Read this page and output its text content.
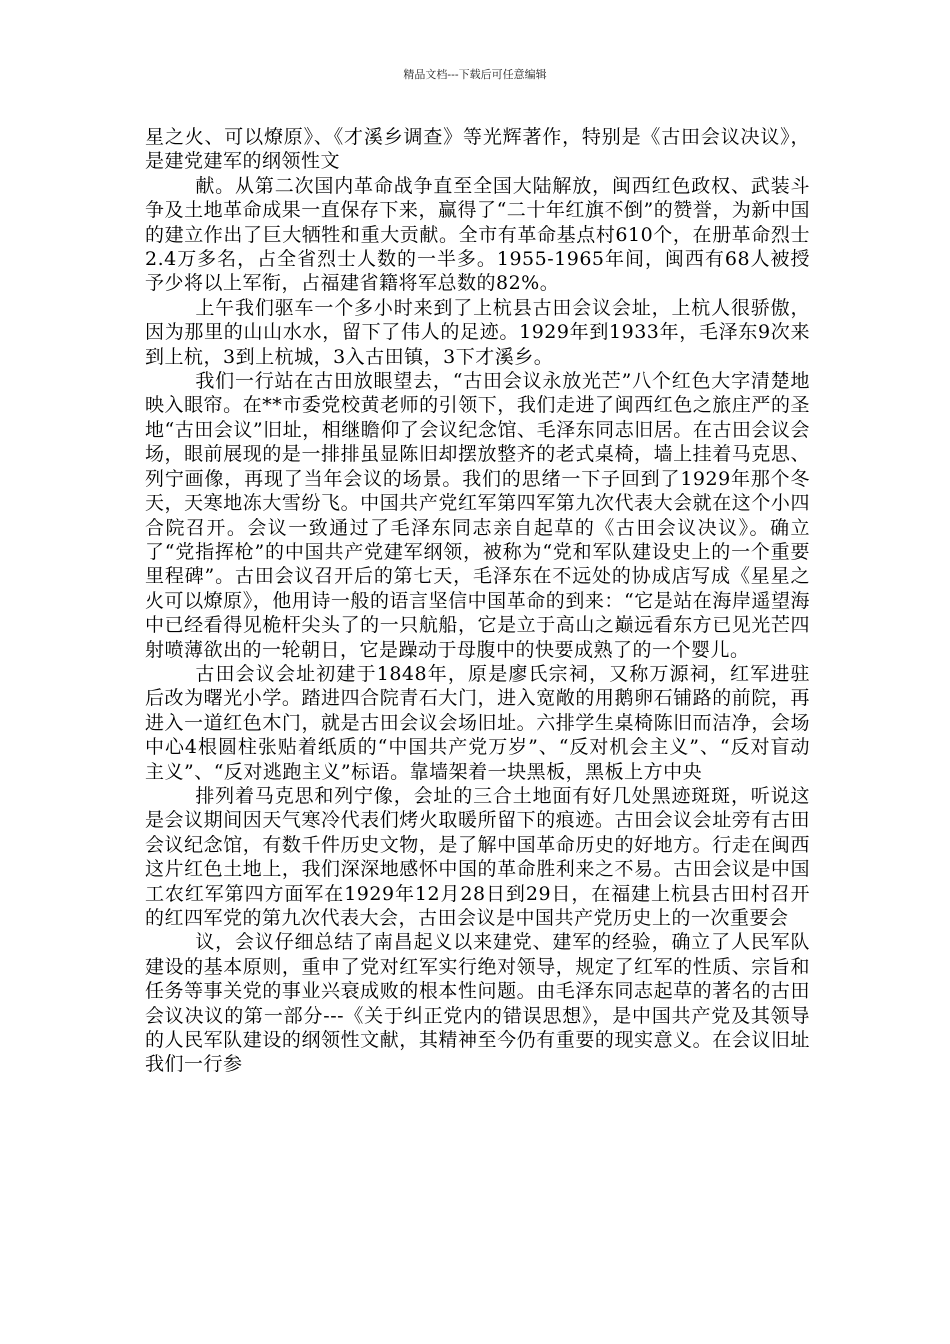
精品文档---下载后可任意编辑

星之火、可以燎原》、《才溪乡调查》等光辉著作，特别是《古田会议决议》，是建党建军的纲领性文

献。从第二次国内革命战争直至全国大陆解放，闽西红色政权、武装斗争及土地革命成果一直保存下来，赢得了“二十年红旗不倒”的赞誉，为新中国的建立作出了巨大牺牲和重大贡献。全市有革命基点村610个，在册革命烈士2.4万多名，占全省烈士人数的一半多。1955-1965年间，闽西有68人被授予少将以上军衔，占福建省籍将军总数的82%。

上午我们驱车一个多小时来到了上杭县古田会议会址，上杭人很骄傲，因为那里的山山水水，留下了伟人的足迹。1929年到1933年，毛泽东9次来到上杭，3到上杭城，3入古田镇，3下才溪乡。

我们一行站在古田放眼望去，“古田会议永放光芒”八个红色大字清楚地映入眼帘。在**市委党校黄老师的引领下，我们走进了闽西红色之旅庄严的圣地“古田会议”旧址，相继瞻仰了会议纪念馆、毛泽东同志旧居。在古田会议会场，眼前展现的是一排排虽显陈旧却摆放整齐的老式桌椅，墙上挂着马克思、列宁画像，再现了当年会议的场景。我们的思绪一下子回到了1929年那个冬天，天寒地冻大雪纷飞。中国共产党红军第四军第九次代表大会就在这个小四合院召开。会议一致通过了毛泽东同志亲自起草的《古田会议决议》。确立了“党指挥枪”的中国共产党建军纲领，被称为“党和军队建设史上的一个重要里程碑”。古田会议召开后的第七天，毛泽东在不远处的协成店写成《星星之火可以燎原》，他用诗一般的语言坚信中国革命的到来：“它是站在海岸遥望海中已经看得见桅杆尖头了的一只航船，它是立于高山之巅远看东方已见光芒四射喷薄欲出的一轮朝日，它是躁动于母腹中的快要成熟了的一个婴儿。

古田会议会址初建于1848年，原是廖氏宗祠，又称万源祠，红军进驻后改为曙光小学。踏进四合院青石大门，进入宽敞的用鹅卵石铺路的前院，再进入一道红色木门，就是古田会议会场旧址。六排学生桌椅陈旧而洁净，会场中心4根圆柱张贴着纸质的“中国共产党万岁”、“反对机会主义”、“反对盲动主义”、“反对逃跑主义”标语。靠墙架着一块黑板，黑板上方中央

排列着马克思和列宁像，会址的三合土地面有好几处黑迹斑斑，听说这是会议期间因天气寒冷代表们烤火取暖所留下的痕迹。古田会议会址旁有古田会议纪念馆，有数千件历史文物，是了解中国革命历史的好地方。行走在闽西这片红色土地上，我们深深地感怀中国的革命胜利来之不易。古田会议是中国工农红军第四方面军在1929年12月28日到29日，在福建上杭县古田村召开的红四军党的第九次代表大会，古田会议是中国共产党历史上的一次重要会

议，会议仔细总结了南昌起义以来建党、建军的经验，确立了人民军队建设的基本原则，重申了党对红军实行绝对领导，规定了红军的性质、宗旨和任务等事关党的事业兴衰成败的根本性问题。由毛泽东同志起草的著名的古田会议决议的第一部分---《关于纠正党内的错误思想》，是中国共产党及其领导的人民军队建设的纲领性文献，其精神至今仍有重要的现实意义。在会议旧址我们一行参
